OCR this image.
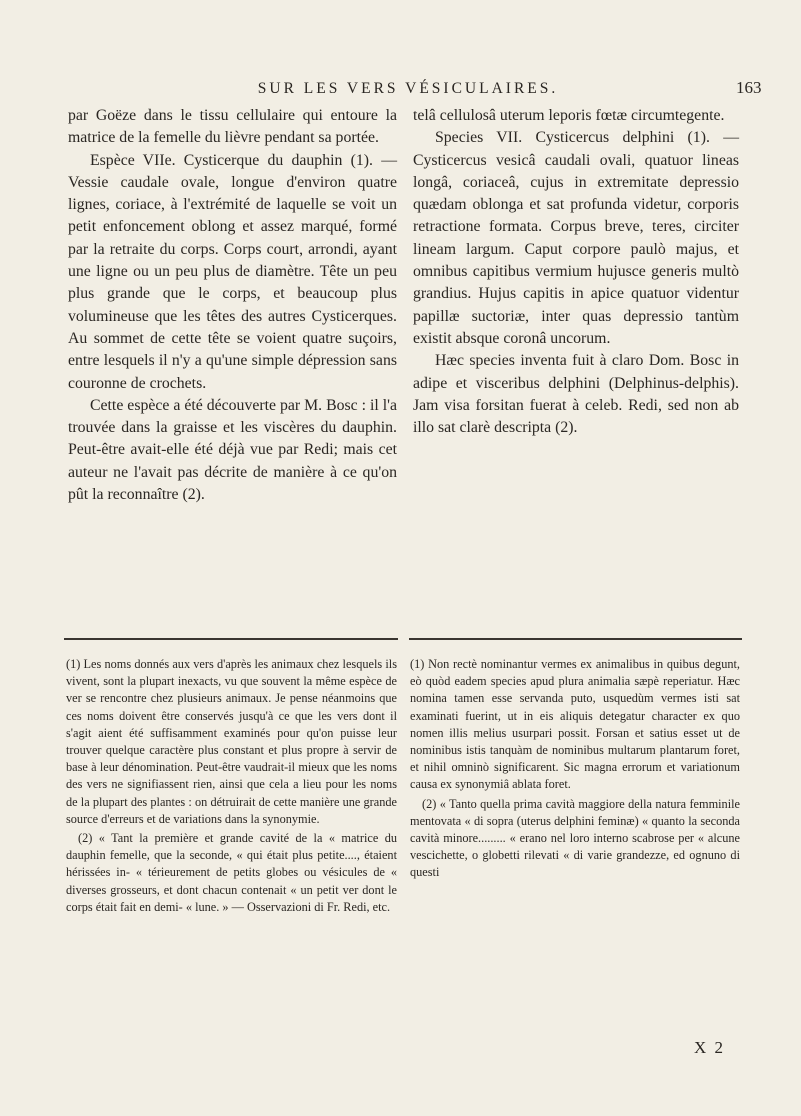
SUR LES VERS VÉSICULAIRES.	163

par Goëze dans le tissu cellulaire qui entoure la matrice de la femelle du lièvre pendant sa portée.

Espèce VIIe. Cysticerque du dauphin (1). — Vessie caudale ovale, longue d'environ quatre lignes, coriace, à l'extrémité de laquelle se voit un petit enfoncement oblong et assez marqué, formé par la retraite du corps. Corps court, arrondi, ayant une ligne ou un peu plus de diamètre. Tête un peu plus grande que le corps, et beaucoup plus volumineuse que les têtes des autres Cysticerques. Au sommet de cette tête se voient quatre suçoirs, entre lesquels il n'y a qu'une simple dépression sans couronne de crochets.

Cette espèce a été découverte par M. Bosc : il l'a trouvée dans la graisse et les viscères du dauphin. Peut-être avait-elle été déjà vue par Redi; mais cet auteur ne l'avait pas décrite de manière à ce qu'on pût la reconnaître (2).

telâ cellulosâ uterum leporis fœtæ circumtegente.

Species VII. Cysticercus delphini (1). — Cysticercus vesicâ caudali ovali, quatuor lineas longâ, coriaceâ, cujus in extremitate depressio quædam oblonga et sat profunda videtur, corporis retractione formata. Corpus breve, teres, circiter lineam largum. Caput corpore paulò majus, et omnibus capitibus vermium hujusce generis multò grandius. Hujus capitis in apice quatuor videntur papillæ suctoriæ, inter quas depressio tantùm existit absque coronâ uncorum.

Hæc species inventa fuit à claro Dom. Bosc in adipe et visceribus delphini (Delphinus-delphis). Jam visa forsitan fuerat à celeb. Redi, sed non ab illo sat clarè descripta (2).

(1) Les noms donnés aux vers d'après les animaux chez lesquels ils vivent, sont la plupart inexacts, vu que souvent la même espèce de ver se rencontre chez plusieurs animaux. Je pense néanmoins que ces noms doivent être conservés jusqu'à ce que les vers dont il s'agit aient été suffisamment examinés pour qu'on puisse leur trouver quelque caractère plus constant et plus propre à servir de base à leur dénomination. Peut-être vaudrait-il mieux que les noms des vers ne signifiassent rien, ainsi que cela a lieu pour les noms de la plupart des plantes : on détruirait de cette manière une grande source d'erreurs et de variations dans la synonymie.

(2) « Tant la première et grande cavité de la « matrice du dauphin femelle, que la seconde, « qui était plus petite...., étaient hérissées in- « térieurement de petits globes ou vésicules de « diverses grosseurs, et dont chacun contenait « un petit ver dont le corps était fait en demi- « lune. » — Osservazioni di Fr. Redi, etc.

(1) Non rectè nominantur vermes ex animalibus in quibus degunt, eò quòd eadem species apud plura animalia sæpè reperiatur. Hæc nomina tamen esse servanda puto, usquedùm vermes isti sat examinati fuerint, ut in eis aliquis detegatur character ex quo nomen illis melius usurpari possit. Forsan et satius esset ut de nominibus istis tanquàm de nominibus multarum plantarum foret, et nihil omninò significarent. Sic magna errorum et variationum causa ex synonymiâ ablata foret.

(2) « Tanto quella prima cavità maggiore della natura femminile mentovata « di sopra (uterus delphini feminæ) « quanto la seconda cavità minore......... « erano nel loro interno scabrose per « alcune vescichette, o globetti rilevati « di varie grandezze, ed ognuno di questi

X 2
